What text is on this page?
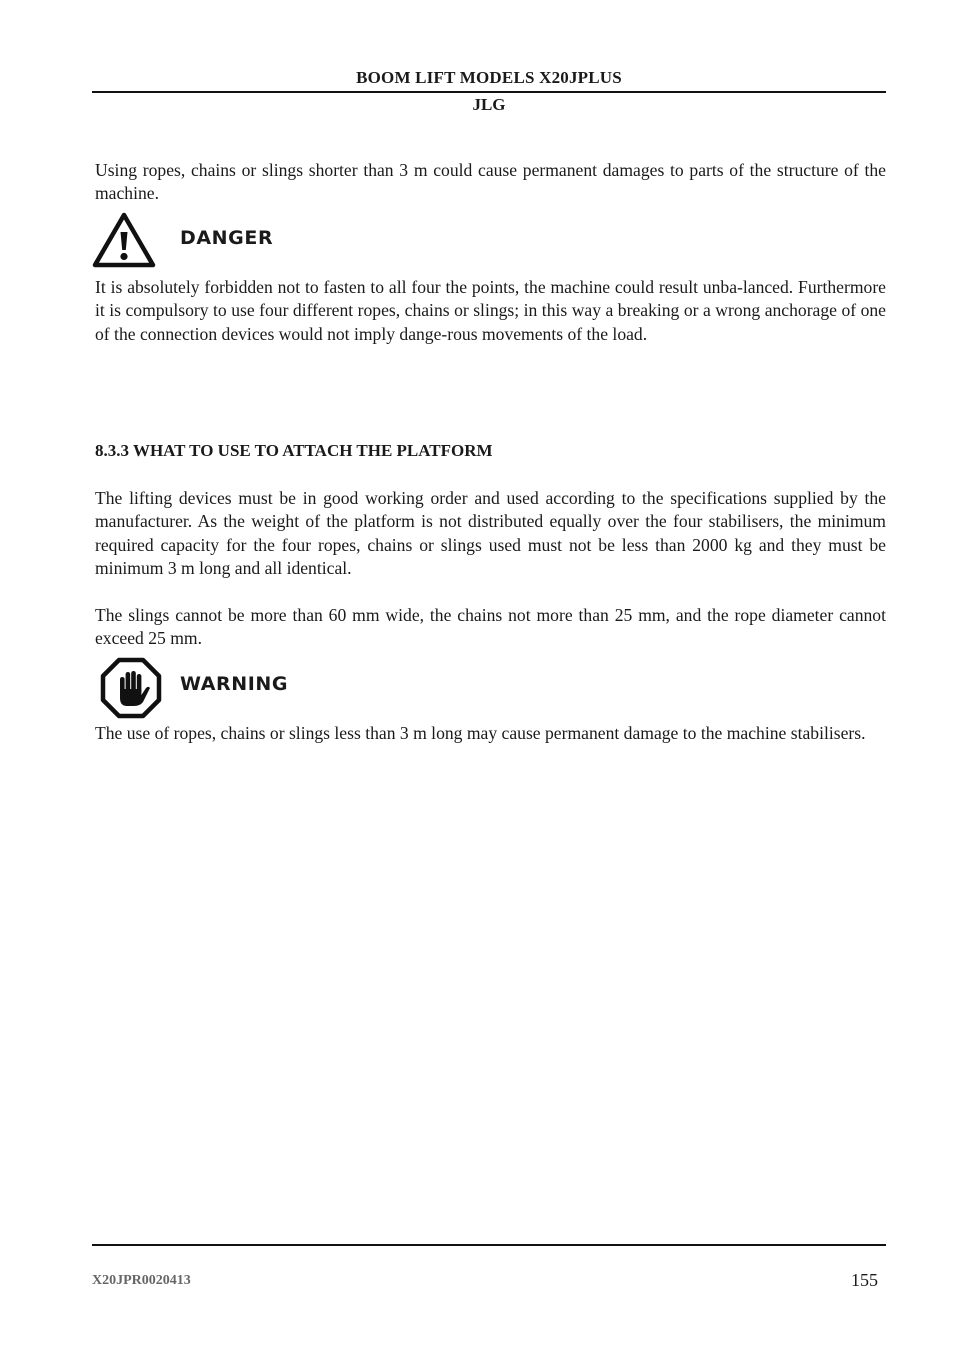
BOOM LIFT MODELS X20JPLUS
JLG

Using ropes, chains or slings shorter than 3 m could cause permanent damages to parts of the structure of the machine.

DANGER

It is absolutely forbidden not to fasten to all four the points, the machine could result unba-lanced. Furthermore it is compulsory to use four different ropes, chains or slings; in this way a breaking or a wrong anchorage of one of the connection devices would not imply dange-rous movements of the load.

8.3.3 WHAT TO USE TO ATTACH THE PLATFORM

The lifting devices must be in good working order and used according to the specifications supplied by the manufacturer. As the weight of the platform is not distributed equally over the four stabilisers, the minimum required capacity for the four ropes, chains or slings used must not be less than 2000 kg and they must be minimum 3 m long and all identical.

The slings cannot be more than 60 mm wide, the chains not more than 25 mm, and the rope diameter cannot exceed 25 mm.

WARNING

The use of ropes, chains or slings less than 3 m long may cause permanent damage to the machine stabilisers.

X20JPR0020413	155
